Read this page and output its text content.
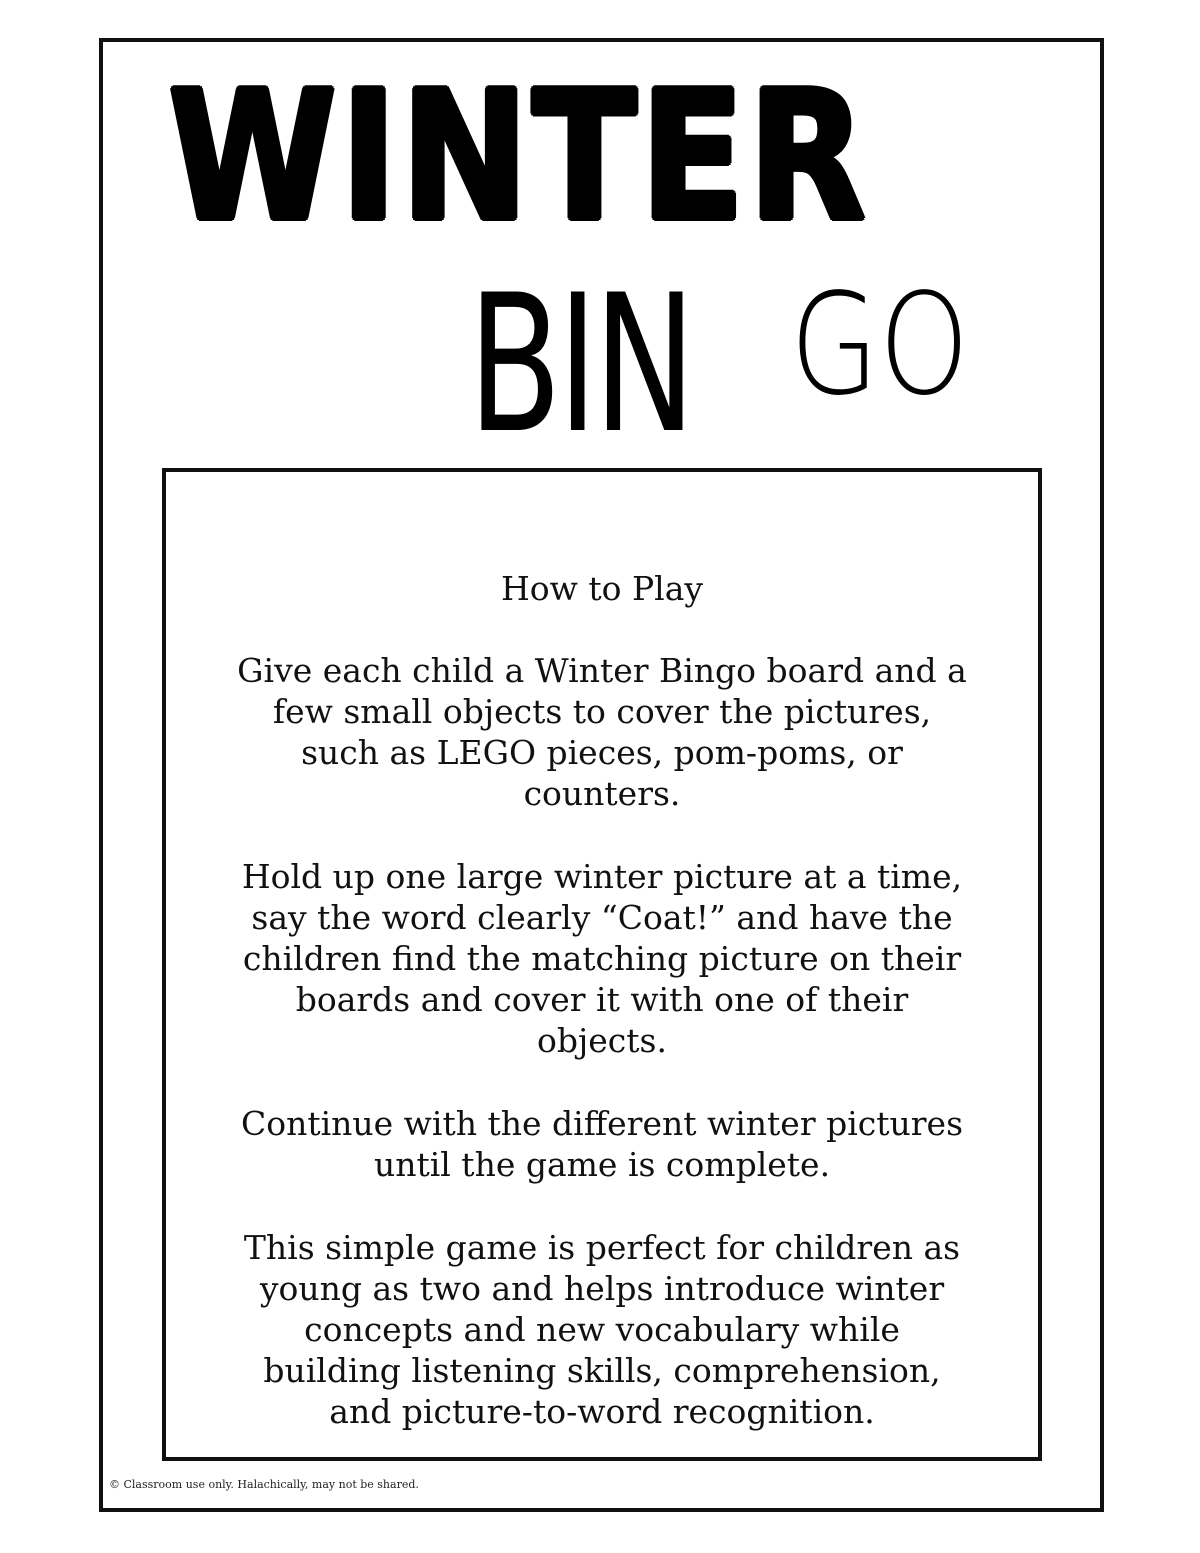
WINTER
BIN GO

How to Play

Give each child a Winter Bingo board and a few small objects to cover the pictures, such as LEGO pieces, pom-poms, or counters.

Hold up one large winter picture at a time, say the word clearly “Coat!” and have the children find the matching picture on their boards and cover it with one of their objects.

Continue with the different winter pictures until the game is complete.

This simple game is perfect for children as young as two and helps introduce winter concepts and new vocabulary while building listening skills, comprehension, and picture-to-word recognition.

© Classroom use only. Halachically, may not be shared.
